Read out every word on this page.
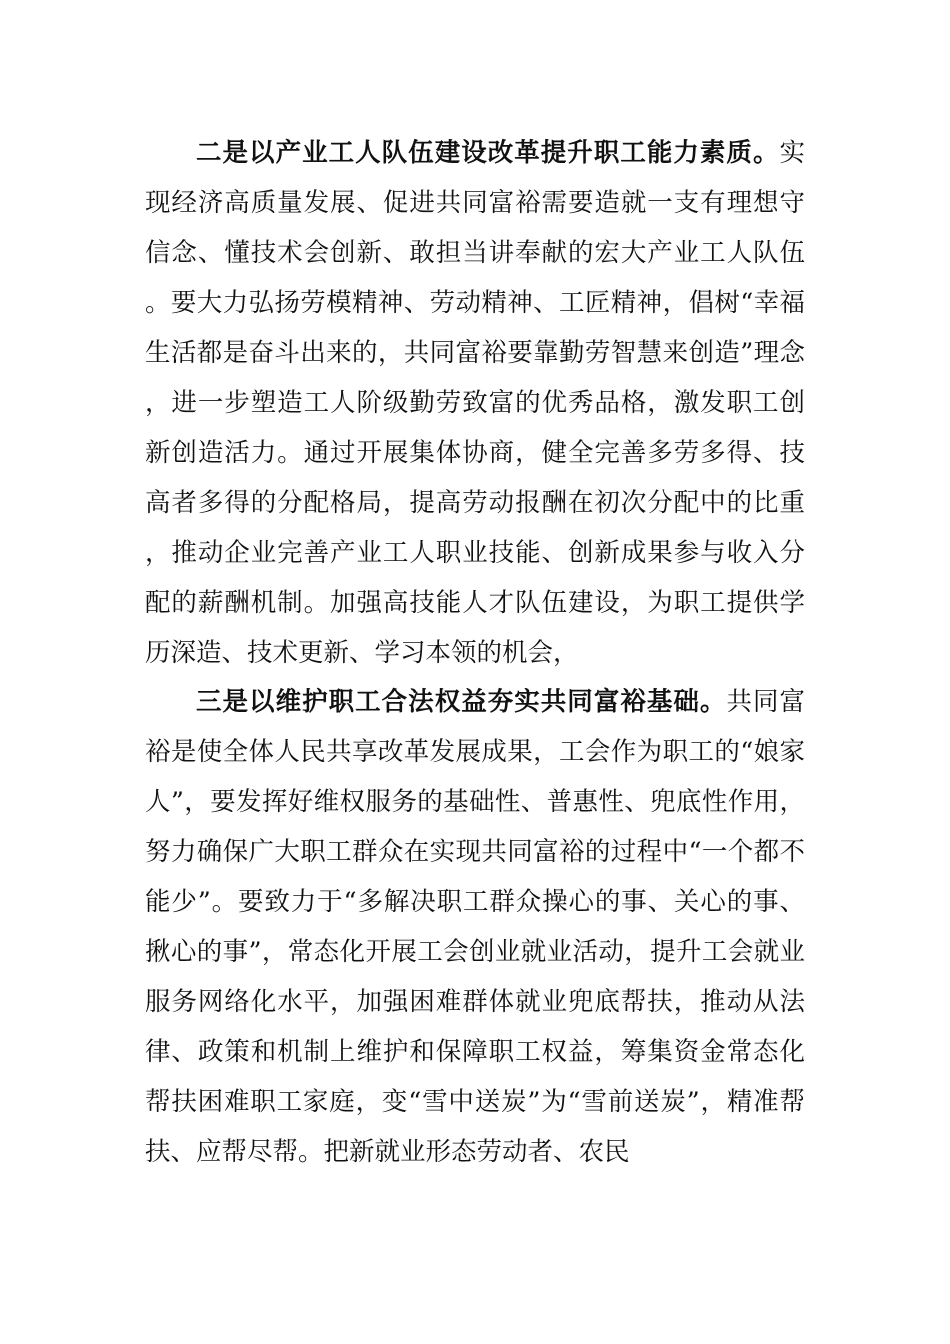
二是以产业工人队伍建设改革提升职工能力素质。实现经济高质量发展、促进共同富裕需要造就一支有理想守信念、懂技术会创新、敢担当讲奉献的宏大产业工人队伍。要大力弘扬劳模精神、劳动精神、工匠精神，倡树“幸福生活都是奋斗出来的，共同富裕要靠勤劳智慧来创造”理念，进一步塑造工人阶级勤劳致富的优秀品格，激发职工创新创造活力。通过开展集体协商，健全完善多劳多得、技高者多得的分配格局，提高劳动报酬在初次分配中的比重，推动企业完善产业工人职业技能、创新成果参与收入分配的薪酬机制。加强高技能人才队伍建设，为职工提供学历深造、技术更新、学习本领的机会，

三是以维护职工合法权益夯实共同富裕基础。共同富裕是使全体人民共享改革发展成果，工会作为职工的“娘家人”，要发挥好维权服务的基础性、普惠性、兜底性作用，努力确保广大职工群众在实现共同富裕的过程中“一个都不能少”。要致力于“多解决职工群众操心的事、关心的事、揪心的事”，常态化开展工会创业就业活动，提升工会就业服务网络化水平，加强困难群体就业兜底帮扶，推动从法律、政策和机制上维护和保障职工权益，筹集资金常态化帮扶困难职工家庭，变“雪中送炭”为“雪前送炭”，精准帮扶、应帮尽帮。把新就业形态劳动者、农民
